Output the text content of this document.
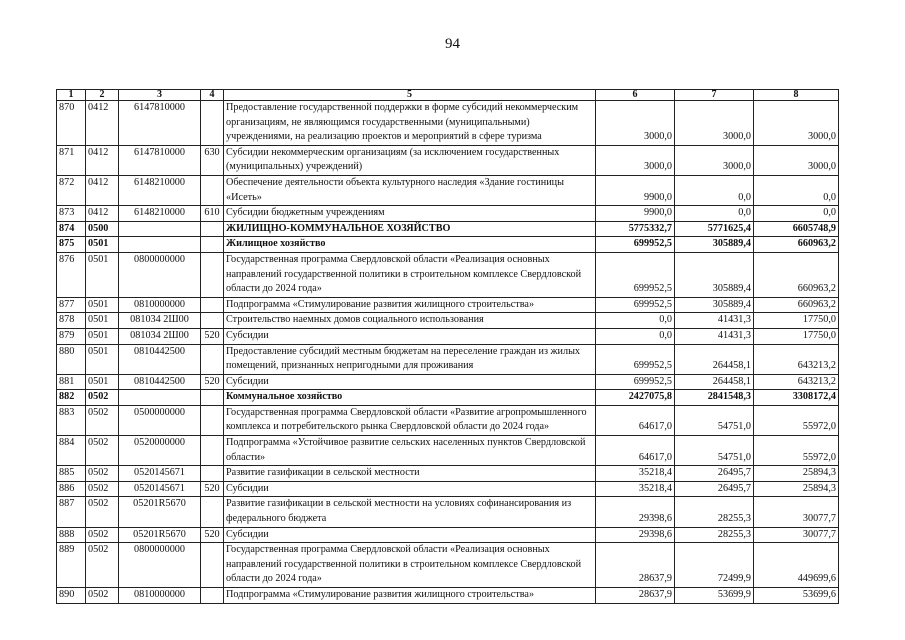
94
1	2	3	4	5	6	7	8
870	0412	6147810000		Предоставление государственной поддержки в форме субсидий некоммерческим организациям, не являющимся государственными (муниципальными) учреждениями, на реализацию проектов и мероприятий в сфере туризма	3000,0	3000,0	3000,0
871	0412	6147810000	630	Субсидии некоммерческим организациям (за исключением государственных (муниципальных) учреждений)	3000,0	3000,0	3000,0
872	0412	6148210000		Обеспечение деятельности объекта культурного наследия «Здание гостиницы «Исеть»	9900,0	0,0	0,0
873	0412	6148210000	610	Субсидии бюджетным учреждениям	9900,0	0,0	0,0
874	0500			ЖИЛИЩНО-КОММУНАЛЬНОЕ ХОЗЯЙСТВО	5775332,7	5771625,4	6605748,9
875	0501			Жилищное хозяйство	699952,5	305889,4	660963,2
876	0501	0800000000		Государственная программа Свердловской области «Реализация основных направлений государственной политики в строительном комплексе Свердловской области до 2024 года»	699952,5	305889,4	660963,2
877	0501	0810000000		Подпрограмма «Стимулирование развития жилищного строительства»	699952,5	305889,4	660963,2
878	0501	081034 2Ш00		Строительство наемных домов социального использования	0,0	41431,3	17750,0
879	0501	081034 2Ш00	520	Субсидии	0,0	41431,3	17750,0
880	0501	0810442500		Предоставление субсидий местным бюджетам на переселение граждан из жилых помещений, признанных непригодными для проживания	699952,5	264458,1	643213,2
881	0501	0810442500	520	Субсидии	699952,5	264458,1	643213,2
882	0502			Коммунальное хозяйство	2427075,8	2841548,3	3308172,4
883	0502	0500000000		Государственная программа Свердловской области «Развитие агропромышленного комплекса и потребительского рынка Свердловской области до 2024 года»	64617,0	54751,0	55972,0
884	0502	0520000000		Подпрограмма «Устойчивое развитие сельских населенных пунктов Свердловской области»	64617,0	54751,0	55972,0
885	0502	0520145671		Развитие газификации в сельской местности	35218,4	26495,7	25894,3
886	0502	0520145671	520	Субсидии	35218,4	26495,7	25894,3
887	0502	05201R5670		Развитие газификации в сельской местности на условиях софинансирования из федерального бюджета	29398,6	28255,3	30077,7
888	0502	05201R5670	520	Субсидии	29398,6	28255,3	30077,7
889	0502	0800000000		Государственная программа Свердловской области «Реализация основных направлений государственной политики в строительном комплексе Свердловской области до 2024 года»	28637,9	72499,9	449699,6
890	0502	0810000000		Подпрограмма «Стимулирование развития жилищного строительства»	28637,9	53699,9	53699,6
